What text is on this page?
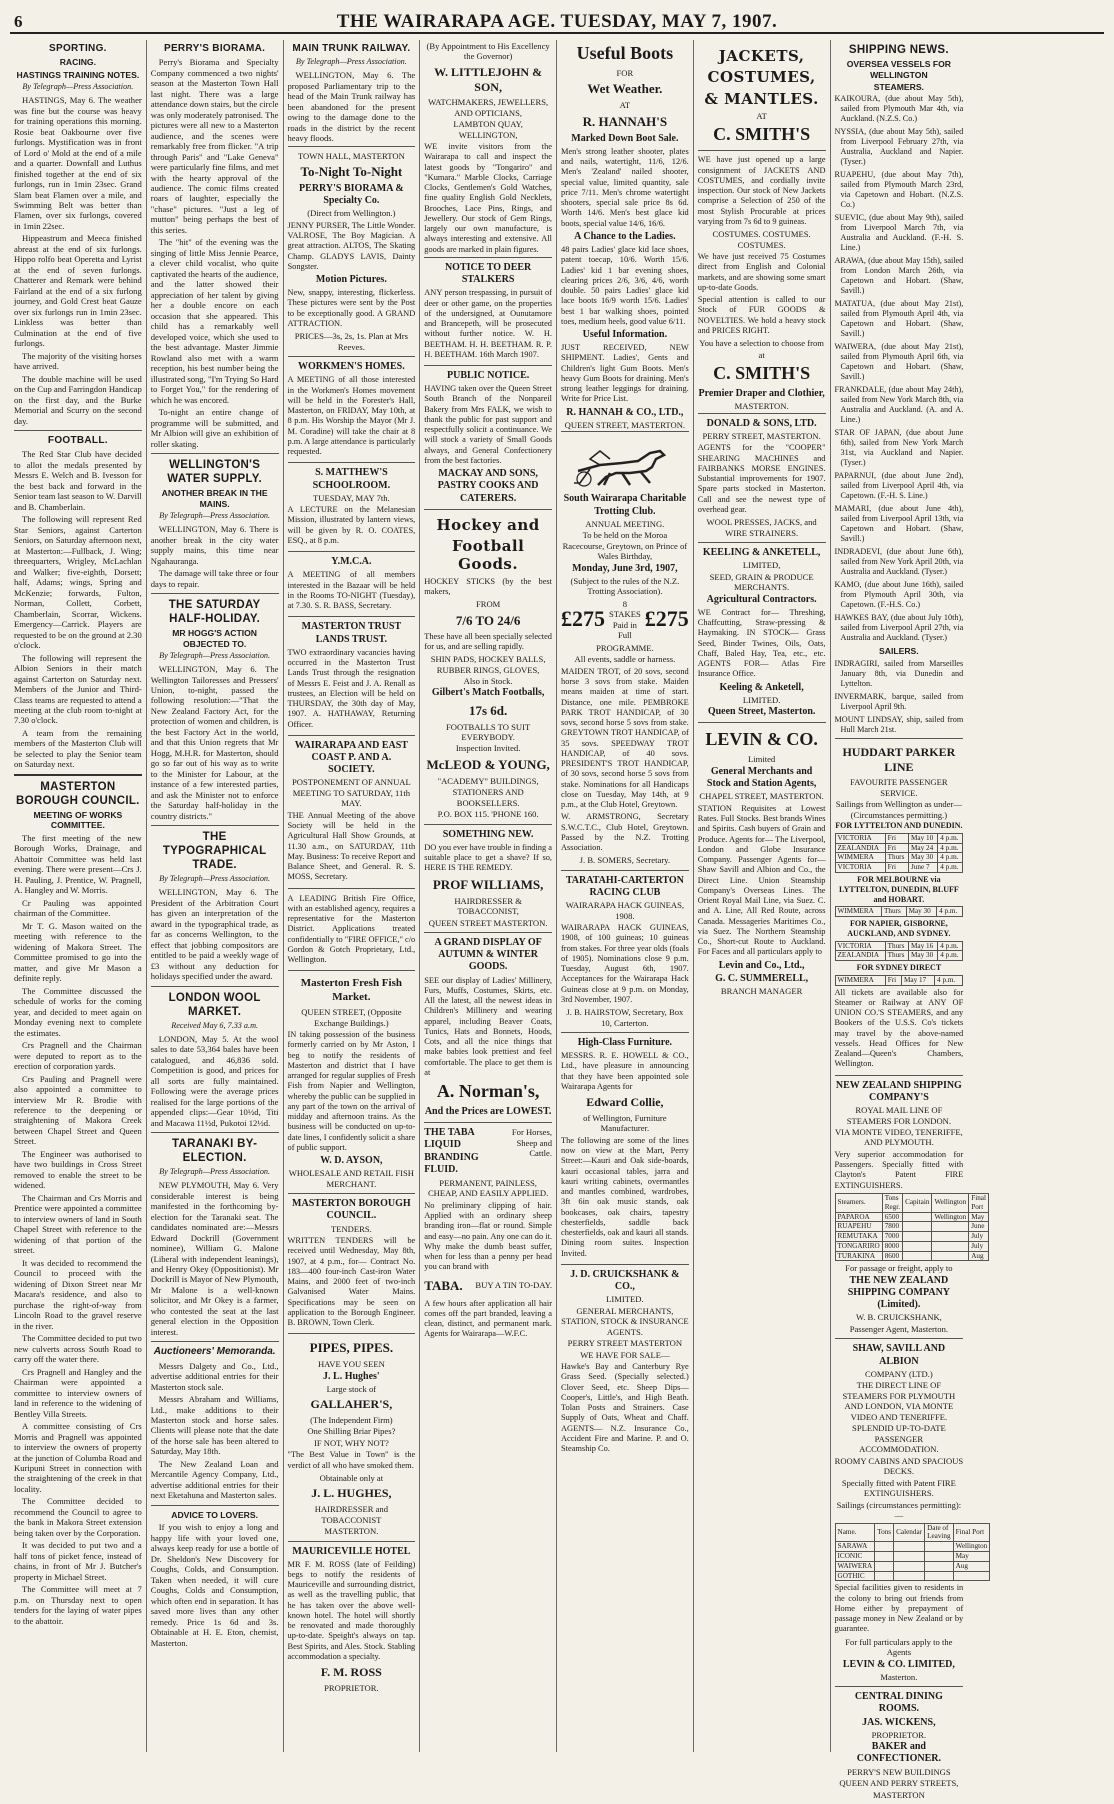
6	THE WAIRARAPA AGE. TUESDAY, MAY 7, 1907.
SPORTING.
RACING.
HASTINGS TRAINING NOTES.
By Telegraph—Press Association.

HASTINGS, May 6. The weather was fine but the course was heavy for training operations this morning. Rosie beat Oakbourne over five furlongs. Mystification was in front of Lord o' Mold at the end of a mile and a quarter. Downfall and Luthus finished together at the end of six furlongs, run in 1min 23sec. Grand Slam beat Flamen over a mile, and Swimming Belt was better than Flamen, over six furlongs, covered in 1min 22sec.

Hippeastrum and Meeca finished abreast at the end of six furlongs. Hippo rolfo beat Operetta and Lyrist at the end of seven furlongs. Chatterer and Remark were behind Fairland at the end of a six furlong journey, and Gold Crest beat Gauze over six furlongs run in 1min 23sec. Linkless was better than Culmination at the end of five furlongs.

The majority of the visiting horses have arrived.

The double machine will be used on the Cup and Farringdon Handicap on the first day, and the Burke Memorial and Scurry on the second day.

FOOTBALL.

The Red Star Club have decided to allot the medals presented by Messrs E. Welch and B. Ivesson for the best back and forward in the Senior team last season to W. Darvill and B. Chamberlain.

The following will represent Red Star Seniors, against Carterton Seniors, on Saturday afternoon next, at Masterton:—Fullback, J. Wing; threequarters, Wrigley, McLachlan and Walker; five-eighth, Dorsett; half, Adams; wings, Spring and McKenzie; forwards, Fulton, Norman, Collett, Corbett, Chamberlain, Scorrar, Wickens. Emergency—Carrick. Players are requested to be on the ground at 2.30 o'clock.

The following will represent the Albion Seniors in their match against Carterton on Saturday next. Members of the Junior and Third-Class teams are requested to attend a meeting at the club room to-night at 7.30 o'clock.

A team from the remaining members of the Masterton Club will be selected to play the Senior team on Saturday next.

MASTERTON BOROUGH COUNCIL.
MEETING OF WORKS COMMITTEE.

The first meeting of the new Borough Works, Drainage, and Abattoir Committee was held last evening. There were present—Crs J. H. Pauling, J. Prentice, W. Pragnell, A. Hangley and W. Morris.

Cr Pauling was appointed chairman of the Committee.

Mr T. G. Mason waited on the meeting with reference to the widening of Makora Street. The Committee promised to go into the matter, and give Mr Mason a definite reply.

The Committee discussed the schedule of works for the coming year, and decided to meet again on Monday evening next to complete the estimates.

Crs Pragnell and the Chairman were deputed to report as to the erection of corporation yards.

Crs Pauling and Pragnell were also appointed a committee to interview Mr R. Brodie with reference to the deepening or straightening of Makora Creek between Chapel Street and Queen Street.

The Engineer was authorised to have two buildings in Cross Street removed to enable the street to be widened.

The Chairman and Crs Morris and Prentice were appointed a committee to interview owners of land in South Chapel Street with reference to the widening of that portion of the street.

It was decided to recommend the Council to proceed with the widening of Dixon Street near Mr Macara's residence, and also to purchase the right-of-way from Lincoln Road to the gravel reserve in the river.

The Committee decided to put two new culverts across South Road to carry off the water there.

Crs Pragnell and Hangley and the Chairman were appointed a committee to interview owners of land in reference to the widening of Bentley Villa Streets.

A committee consisting of Crs Morris and Pragnell was appointed to interview the owners of property at the junction of Columba Road and Kuripuni Street in connection with the straightening of the creek in that locality.

The Committee decided to recommend the Council to agree to the bank in Makora Street extension being taken over by the Corporation.

It was decided to put two and a half tons of picket fence, instead of chains, in front of Mr J. Butcher's property in Michael Street.

The Committee will meet at 7 p.m. on Thursday next to open tenders for the laying of water pipes to the abattoir.

PERRY'S BIORAMA.

Perry's Biorama and Specialty Company commenced a two nights' season at the Masterton Town Hall last night. There was a large attendance down stairs, but the circle was only moderately patronised. The pictures were all new to a Masterton audience, and the scenes were remarkably free from flicker. "A trip through Paris" and "Lake Geneva" were particularly fine films, and met with the hearty approval of the audience. The comic films created roars of laughter, especially the "chase" pictures. "Just a leg of mutton" being perhaps the best of this series.

The "hit" of the evening was the singing of little Miss Jennie Pearce, a clever child vocalist, who quite captivated the hearts of the audience, and the latter showed their appreciation of her talent by giving her a double encore on each occasion that she appeared. This child has a remarkably well developed voice, which she used to the best advantage. Master Jimmie Rowland also met with a warm reception, his best number being the illustrated song, "I'm Trying So Hard to Forget You," for the rendering of which he was encored.

To-night an entire change of programme will be submitted, and Mr Albion will give an exhibition of roller skating.

WELLINGTON'S WATER SUPPLY.
ANOTHER BREAK IN THE MAINS.
By Telegraph—Press Association.

WELLINGTON, May 6. There is another break in the city water supply mains, this time near Ngahauranga.

The damage will take three or four days to repair.

THE SATURDAY HALF-HOLIDAY.
MR HOGG'S ACTION OBJECTED TO.
By Telegraph—Press Association.

WELLINGTON, May 6. The Wellington Tailoresses and Pressers' Union, to-night, passed the following resolution:—"That the New Zealand Factory Act, for the protection of women and children, is the best Factory Act in the world, and that this Union regrets that Mr Hogg, M.H.R. for Masterton, should go so far out of his way as to write to the Minister for Labour, at the instance of a few interested parties, and ask the Minister not to enforce the Saturday half-holiday in the country districts."

THE TYPOGRAPHICAL TRADE.
By Telegraph—Press Association.

WELLINGTON, May 6. The President of the Arbitration Court has given an interpretation of the award in the typographical trade, as far as concerns Wellington, to the effect that jobbing compositors are entitled to be paid a weekly wage of £3 without any deduction for holidays specified under the award.

LONDON WOOL MARKET.
Received May 6, 7.33 a.m.

LONDON, May 5. At the wool sales to date 53,364 bales have been catalogued, and 46,836 sold. Competition is good, and prices for all sorts are fully maintained. Following were the average prices realised for the large portions of the appended clips:—Gear 10½d, Titi and Macawa 11½d, Pukotoi 12½d.

TARANAKI BY-ELECTION.
By Telegraph—Press Association.

NEW PLYMOUTH, May 6. Very considerable interest is being manifested in the forthcoming by-election for the Taranaki seat. The candidates nominated are:—Messrs Edward Dockrill (Government nominee), William G. Malone (Liberal with independent leanings), and Henry Okey (Oppositionist). Mr Dockrill is Mayor of New Plymouth, Mr Malone is a well-known solicitor, and Mr Okey is a farmer, who contested the seat at the last general election in the Opposition interest.

Auctioneers' Memoranda.

Messrs Dalgety and Co., Ltd., advertise additional entries for their Masterton stock sale.

Messrs Abraham and Williams, Ltd., make additions to their Masterton stock and horse sales. Clients will please note that the date of the horse sale has been altered to Saturday, May 18th.

The New Zealand Loan and Mercantile Agency Company, Ltd., advertise additional entries for their next Eketahuna and Masterton sales.

ADVICE TO LOVERS.

If you wish to enjoy a long and happy life with your loved one, always keep ready for use a bottle of Dr. Sheldon's New Discovery for Coughs, Colds, and Consumption. Taken when needed, it will cure Coughs, Colds and Consumption, which often end in separation. It has saved more lives than any other remedy. Price 1s 6d and 3s. Obtainable at H. E. Eton, chemist, Masterton.

MAIN TRUNK RAILWAY.
By Telegraph—Press Association.

WELLINGTON, May 6. The proposed Parliamentary trip to the head of the Main Trunk railway has been abandoned for the present owing to the damage done to the roads in the district by the recent heavy floods.

TOWN HALL, MASTERTON
To-Night To-Night
PERRY'S BIORAMA & Specialty Co.
(Direct from Wellington.)

JENNY PURSER, The Little Wonder. VALROSE, The Boy Magician. A great attraction. ALTOS, The Skating Champ. GLADYS LAVIS, Dainty Songster.

Motion Pictures.

New, snappy, interesting, flickerless. These pictures were sent by the Post to be exceptionally good. A GRAND ATTRACTION.

PRICES—3s, 2s, 1s. Plan at Mrs Reeves.
WORKMEN'S HOMES.

A MEETING of all those interested in the Workmen's Homes movement will be held in the Forester's Hall, Masterton, on FRIDAY, May 10th, at 8 p.m. His Worship the Mayor (Mr J. M. Coradine) will take the chair at 8 p.m. A large attendance is particularly requested.

S. MATTHEW'S SCHOOLROOM.
TUESDAY, MAY 7th.

A LECTURE on the Melanesian Mission, illustrated by lantern views, will be given by R. O. COATES, ESQ., at 8 p.m.

Y.M.C.A.

A MEETING of all members interested in the Bazaar will be held in the Rooms TO-NIGHT (Tuesday), at 7.30. S. R. BASS, Secretary.

MASTERTON TRUST LANDS TRUST.

TWO extraordinary vacancies having occurred in the Masterton Trust Lands Trust through the resignation of Messrs E. Feist and J. A. Renall as trustees, an Election will be held on THURSDAY, the 30th day of May, 1907. A. HATHAWAY, Returning Officer.

WAIRARAPA AND EAST COAST P. AND A. SOCIETY.
POSTPONEMENT OF ANNUAL MEETING TO SATURDAY, 11th MAY.

THE Annual Meeting of the above Society will be held in the Agricultural Hall Show Grounds, at 11.30 a.m., on SATURDAY, 11th May. Business: To receive Report and Balance Sheet, and General. R. S. MOSS, Secretary.

A LEADING British Fire Office, with an established agency, requires a representative for the Masterton District. Applications treated confidentially to "FIRE OFFICE," c/o Gordon & Gotch Proprietary, Ltd., Wellington.

Masterton Fresh Fish Market.
QUEEN STREET, (Opposite Exchange Buildings.)

IN taking possession of the business formerly carried on by Mr Aston, I beg to notify the residents of Masterton and district that I have arranged for regular supplies of Fresh Fish from Napier and Wellington, whereby the public can be supplied in any part of the town on the arrival of midday and afternoon trains. As the business will be conducted on up-to-date lines, I confidently solicit a share of public support.

W. D. AYSON,
WHOLESALE AND RETAIL FISH MERCHANT.
MASTERTON BOROUGH COUNCIL.
TENDERS.

WRITTEN TENDERS will be received until Wednesday, May 8th, 1907, at 4 p.m., for— Contract No. 183—400 four-inch Cast-iron Water Mains, and 2000 feet of two-inch Galvanised Water Mains. Specifications may be seen on application to the Borough Engineer. B. BROWN, Town Clerk.

PIPES, PIPES.
HAVE YOU SEEN
J. L. Hughes'
Large stock of
GALLAHER'S,
(The Independent Firm)
One Shilling Briar Pipes?
IF NOT, WHY NOT?

"The Best Value in Town" is the verdict of all who have smoked them.

Obtainable only at
J. L. HUGHES,
HAIRDRESSER and TOBACCONIST
MASTERTON.
MAURICEVILLE HOTEL

MR F. M. ROSS (late of Feilding) begs to notify the residents of Mauriceville and surrounding district, as well as the travelling public, that he has taken over the above well-known hotel. The hotel will shortly be renovated and made thoroughly up-to-date. Speight's always on tap. Best Spirits, and Ales. Stock. Stabling accommodation a specialty.

F. M. ROSS
PROPRIETOR.
(By Appointment to His Excellency the Governor)
W. LITTLEJOHN & SON,
WATCHMAKERS, JEWELLERS, AND OPTICIANS,
LAMBTON QUAY, WELLINGTON,

WE invite visitors from the Wairarapa to call and inspect the latest goods by "Tongariro" and "Kumara." Marble Clocks, Carriage Clocks, Gentlemen's Gold Watches, fine quality English Gold Necklets, Brooches, Lace Pins, Rings, and Jewellery. Our stock of Gem Rings, largely our own manufacture, is always interesting and extensive. All goods are marked in plain figures.

NOTICE TO DEER STALKERS

ANY person trespassing, in pursuit of deer or other game, on the properties of the undersigned, at Ounutamore and Brancepeth, will be prosecuted without further notice. W. H. BEETHAM. H. H. BEETHAM. R. P. H. BEETHAM. 16th March 1907.

PUBLIC NOTICE.

HAVING taken over the Queen Street South Branch of the Nonpareil Bakery from Mrs FALK, we wish to thank the public for past support and respectfully solicit a continuance. We will stock a variety of Small Goods always, and General Confectionery from the best factories.

MACKAY AND SONS, PASTRY COOKS AND CATERERS.
Hockey and
Football Goods.

HOCKEY STICKS (by the best makers,

FROM
7/6 TO 24/6

These have all been specially selected for us, and are selling rapidly.

SHIN PADS, HOCKEY BALLS, RUBBER RINGS, GLOVES,
Also in Stock.
Gilbert's Match Footballs,
17s 6d.
FOOTBALLS TO SUIT EVERYBODY.
Inspection Invited.
McLEOD & YOUNG,
"ACADEMY" BUILDINGS,
STATIONERS AND BOOKSELLERS.
P.O. BOX 115. 'PHONE 160.
SOMETHING NEW.

DO you ever have trouble in finding a suitable place to get a shave? If so, HERE IS THE REMEDY.

PROF WILLIAMS,
HAIRDRESSER & TOBACCONIST,
QUEEN STREET MASTERTON.
A GRAND DISPLAY OF AUTUMN & WINTER GOODS.

SEE our display of Ladies' Millinery, Furs, Muffs, Costumes, Skirts, etc. All the latest, all the newest ideas in Children's Millinery and wearing apparel, including Beaver Coats, Tunics, Hats and Bonnets, Hoods, Cots, and all the nice things that make babies look prettiest and feel comfortable. The place to get them is at

A. Norman's,
And the Prices are LOWEST.
THE TABA LIQUID BRANDING FLUID.
For Horses, Sheep and Cattle.
PERMANENT, PAINLESS, CHEAP, AND EASILY APPLIED.

No preliminary clipping of hair. Applied with an ordinary sheep branding iron—flat or round. Simple and easy—no pain. Any one can do it. Why make the dumb beast suffer, when for less than a penny per head you can brand with

TABA. BUY A TIN TO-DAY.

A few hours after application all hair comes off the part branded, leaving a clean, distinct, and permanent mark. Agents for Wairarapa—W.F.C.

Useful Boots
FOR
Wet Weather.
AT
R. HANNAH'S
Marked Down Boot Sale.

Men's strong leather shooter, plates and nails, watertight, 11/6, 12/6. Men's 'Zealand' nailed shooter, special value, limited quantity, sale price 7/11. Men's chrome watertight shooters, special sale price 8s 6d. Worth 14/6. Men's best glace kid boots, special value 14/6, 16/6.

A Chance to the Ladies.

48 pairs Ladies' glace kid lace shoes, patent toecap, 10/6. Worth 15/6. Ladies' kid 1 bar evening shoes, clearing prices 2/6, 3/6, 4/6, worth double. 50 pairs Ladies' glace kid lace boots 16/9 worth 15/6. Ladies' best 1 bar walking shoes, pointed toes, medium heels, good value 6/11.

Useful Information.

JUST RECEIVED, NEW SHIPMENT. Ladies', Gents and Children's light Gum Boots. Men's heavy Gum Boots for draining. Men's strong leather leggings for draining. Write for Price List.

R. HANNAH & CO., LTD.,
QUEEN STREET, MASTERTON.
South Wairarapa Charitable Trotting Club.
ANNUAL MEETING.
To be held on the Moroa Racecourse, Greytown, on Prince of Wales Birthday,
Monday, June 3rd, 1907,
(Subject to the rules of the N.Z. Trotting Association).
£275
8 STAKES Paid in Full
£275
PROGRAMME.
All events, saddle or harness.

MAIDEN TROT, of 20 sovs, second horse 3 sovs from stake. Maiden means maiden at time of start. Distance, one mile. PEMBROKE PARK TROT HANDICAP, of 30 sovs, second horse 5 sovs from stake. GREYTOWN TROT HANDICAP, of 35 sovs. SPEEDWAY TROT HANDICAP, of 40 sovs. PRESIDENT'S TROT HANDICAP, of 30 sovs, second horse 5 sovs from stake. Nominations for all Handicaps close on Tuesday, May 14th, at 9 p.m., at the Club Hotel, Greytown.

W. ARMSTRONG, Secretary S.W.C.T.C., Club Hotel, Greytown. Passed by the N.Z. Trotting Association.

J. B. SOMERS, Secretary.
TARATAHI-CARTERTON RACING CLUB
WAIRARAPA HACK GUINEAS, 1908.

WAIRARAPA HACK GUINEAS, 1908, of 100 guineas; 10 guineas from stakes. For three year olds (foals of 1905). Nominations close 9 p.m. Tuesday, August 6th, 1907. Acceptances for the Wairarapa Hack Guineas close at 9 p.m. on Monday, 3rd November, 1907.

J. B. HAIRSTOW, Secretary, Box 10, Carterton.
High-Class Furniture.

MESSRS. R. E. HOWELL & CO., Ltd., have pleasure in announcing that they have been appointed sole Wairarapa Agents for

Edward Collie,
of Wellington, Furniture Manufacturer.

The following are some of the lines now on view at the Mart, Perry Street:—Kauri and Oak side-boards, kauri occasional tables, jarra and kauri writing cabinets, overmantles and mantles combined, wardrobes, 3ft 6in oak music stands, oak bookcases, oak chairs, tapestry chesterfields, saddle back chesterfields, oak and kauri all stands. Dining room suites. Inspection Invited.

J. D. CRUICKSHANK & CO.,
LIMITED.
GENERAL MERCHANTS, STATION, STOCK & INSURANCE AGENTS.
PERRY STREET MASTERTON
WE HAVE FOR SALE—

Hawke's Bay and Canterbury Rye Grass Seed. (Specially selected.) Clover Seed, etc. Sheep Dips—Cooper's, Little's, and High Beath. Tolan Posts and Strainers. Case Supply of Oats, Wheat and Chaff. AGENTS— N.Z. Insurance Co., Accident Fire and Marine. P. and O. Steamship Co.

JACKETS,
COSTUMES,
& MANTLES.
AT
C. SMITH'S

WE have just opened up a large consignment of JACKETS AND COSTUMES, and cordially invite inspection. Our stock of New Jackets comprise a Selection of 250 of the most Stylish Procurable at prices varying from 7s 6d to 9 guineas.

COSTUMES. COSTUMES. COSTUMES.

We have just received 75 Costumes direct from English and Colonial markets, and are showing some smart up-to-date Goods.

Special attention is called to our Stock of FUR GOODS & NOVELTIES. We hold a heavy stock and PRICES RIGHT.

You have a selection to choose from
at
C. SMITH'S
Premier Draper and Clothier,
MASTERTON.
DONALD & SONS, LTD.
PERRY STREET, MASTERTON.

AGENTS for the "COOPER" SHEARING MACHINES and FAIRBANKS MORSE ENGINES. Substantial improvements for 1907. Spare parts stocked in Masterton. Call and see the newest type of overhead gear.

WOOL PRESSES, JACKS, and WIRE STRAINERS.
KEELING & ANKETELL,
LIMITED,
SEED, GRAIN & PRODUCE MERCHANTS.
Agricultural Contractors.

WE Contract for— Threshing, Chaffcutting, Straw-pressing & Haymaking. IN STOCK— Grass Seed, Binder Twines, Oils, Oats, Chaff, Baled Hay, Tea, etc., etc. AGENTS FOR— Atlas Fire Insurance Office.

Keeling & Anketell,
LIMITED.
Queen Street, Masterton.
LEVIN & CO.
Limited
General Merchants and Stock and Station Agents,
CHAPEL STREET, MASTERTON.

STATION Requisites at Lowest Rates. Full Stocks. Best brands Wines and Spirits. Cash buyers of Grain and Produce. Agents for— The Liverpool, London and Globe Insurance Company. Passenger Agents for— Shaw Savill and Albion and Co., the Direct Line. Union Steamship Company's Overseas Lines. The Orient Royal Mail Line, via Suez. C. and A. Line, All Red Route, across Canada. Messageries Maritimes Co., via Suez. The Northern Steamship Co., Short-cut Route to Auckland. For Faces and all particulars apply to

Levin and Co., Ltd.,
G. C. SUMMERELL,
BRANCH MANAGER
SHIPPING NEWS.
OVERSEA VESSELS FOR WELLINGTON
STEAMERS.

KAIKOURA, (due about May 5th), sailed from Plymouth Mar 4th, via Auckland. (N.Z.S. Co.)

NYSSIA, (due about May 5th), sailed from Liverpool February 27th, via Australia, Auckland and Napier. (Tyser.)

RUAPEHU, (due about May 7th), sailed from Plymouth March 23rd, via Capetown and Hobart. (N.Z.S. Co.)

SUEVIC, (due about May 9th), sailed from Liverpool March 7th, via Australia and Auckland. (F.-H. S. Line.)

ARAWA, (due about May 15th), sailed from London March 26th, via Capetown and Hobart. (Shaw, Savill.)

MATATUA, (due about May 21st), sailed from Plymouth April 4th, via Capetown and Hobart. (Shaw, Savill.)

WAIWERA, (due about May 21st), sailed from Plymouth April 6th, via Capetown and Hobart. (Shaw, Savill.)

FRANKDALE, (due about May 24th), sailed from New York March 8th, via Australia and Auckland. (A. and A. Line.)

STAR OF JAPAN, (due about June 6th), sailed from New York March 31st, via Auckland and Napier. (Tyser.)

PAPARNUI, (due about June 2nd), sailed from Liverpool April 4th, via Capetown. (F.-H. S. Line.)

MAMARI, (due about June 4th), sailed from Liverpool April 13th, via Capetown and Hobart. (Shaw, Savill.)

INDRADEVI, (due about June 6th), sailed from New York April 20th, via Australia and Auckland. (Tyser.)

KAMO, (due about June 16th), sailed from Plymouth April 30th, via Capetown. (F.-H.S. Co.)

HAWKES BAY, (due about July 10th), sailed from Liverpool April 27th, via Australia and Auckland. (Tyser.)

SAILERS.

INDRAGIRI, sailed from Marseilles January 8th, via Dunedin and Lyttelton.

INVERMARK, barque, sailed from Liverpool April 9th.

MOUNT LINDSAY, ship, sailed from Hull March 21st.

HUDDART PARKER LINE
FAVOURITE PASSENGER SERVICE.
Sailings from Wellington as under—(Circumstances permitting.)
FOR LYTTELTON AND DUNEDIN.
VICTORIA	Fri	May 10	4 p.m.
ZEALANDIA	Fri	May 24	4 p.m.
WIMMERA	Thurs	May 30	4 p.m.
VICTORIA	Fri	June 7	4 p.m.
FOR MELBOURNE via LYTTELTON, DUNEDIN, BLUFF and HOBART.
WIMMERA	Thurs	May 30	4 p.m.
FOR NAPIER, GISBORNE, AUCKLAND, AND SYDNEY.
VICTORIA	Thurs	May 16	4 p.m.
ZEALANDIA	Thurs	May 30	4 p.m.
FOR SYDNEY DIRECT
WIMMERA	Fri	May 17	4 p.m.

All tickets are available also for Steamer or Railway at ANY OF UNION CO.'S STEAMERS, and any Bookers of the U.S.S. Co's tickets may travel by the above-named vessels. Head Offices for New Zealand—Queen's Chambers, Wellington.

NEW ZEALAND SHIPPING COMPANY'S
ROYAL MAIL LINE OF STEAMERS FOR LONDON.
VIA MONTE VIDEO, TENERIFFE, AND PLYMOUTH.

Very superior accommodation for Passengers. Specially fitted with Clayton's Patent FIRE EXTINGUISHERS.

Steamers.	Tons Regr.	Capitain	Wellington	Final Port
PAPAROA	6500		Wellington	May
RUAPEHU	7800			June
REMUTAKA	7000			July
TONGARIRO	8000			July
TURAKINA	8600			Aug
For passage or freight, apply to
THE NEW ZEALAND SHIPPING COMPANY (Limited).
W. B. CRUICKSHANK,
Passenger Agent, Masterton.
SHAW, SAVILL AND ALBION
COMPANY (LTD.)
THE DIRECT LINE OF STEAMERS FOR PLYMOUTH AND LONDON, VIA MONTE VIDEO AND TENERIFFE.
SPLENDID UP-TO-DATE PASSENGER ACCOMMODATION.
ROOMY CABINS AND SPACIOUS DECKS.
Specially fitted with Patent FIRE EXTINGUISHERS.
Sailings (circumstances permitting):—
Name.	Tons	Calendar	Date of Leaving	Final Port
SARAWA				Wellington
ICONIC				May
WAIWERA				Aug
GOTHIC				

Special facilities given to residents in the colony to bring out friends from Home either by prepayment of passage money in New Zealand or by guarantee.

For full particulars apply to the Agents
LEVIN & CO. LIMITED,
Masterton.
CENTRAL DINING ROOMS.
JAS. WICKENS,
PROPRIETOR.
BAKER and CONFECTIONER.
PERRY'S NEW BUILDINGS
QUEEN AND PERRY STREETS,
MASTERTON
